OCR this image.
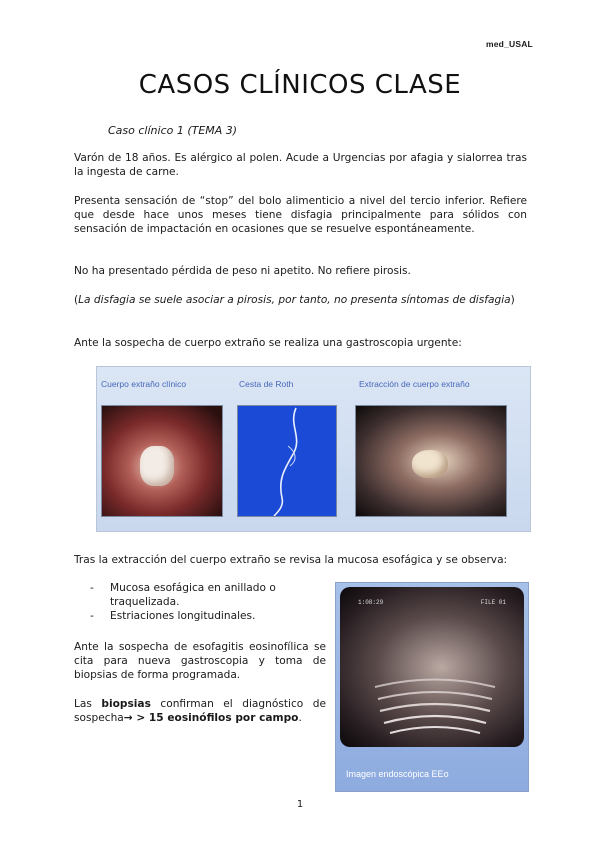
med_USAL
CASOS CLÍNICOS CLASE
Caso clínico 1 (TEMA 3)

Varón de 18 años. Es alérgico al polen. Acude a Urgencias por afagia y sialorrea tras la ingesta de carne.

Presenta sensación de “stop” del bolo alimenticio a nivel del tercio inferior. Refiere que desde hace unos meses tiene disfagia principalmente para sólidos con sensación de impactación en ocasiones que se resuelve espontáneamente.

No ha presentado pérdida de peso ni apetito. No refiere pirosis.

(La disfagia se suele asociar a pirosis, por tanto, no presenta síntomas de disfagia)

Ante la sospecha de cuerpo extraño se realiza una gastroscopia urgente:

Cuerpo extraño clínico	Cesta de Roth	Extracción de cuerpo extraño

Tras la extracción del cuerpo extraño se revisa la mucosa esofágica y se observa:

- Mucosa esofágica en anillado o traquelizada.
- Estriaciones longitudinales.

Ante la sospecha de esofagitis eosinofílica se cita para nueva gastroscopia y toma de biopsias de forma programada.

Las biopsias confirman el diagnóstico de sospecha→ > 15 eosinófilos por campo.

1:08:29	FILE 01
Imagen endoscópica EEo
1
